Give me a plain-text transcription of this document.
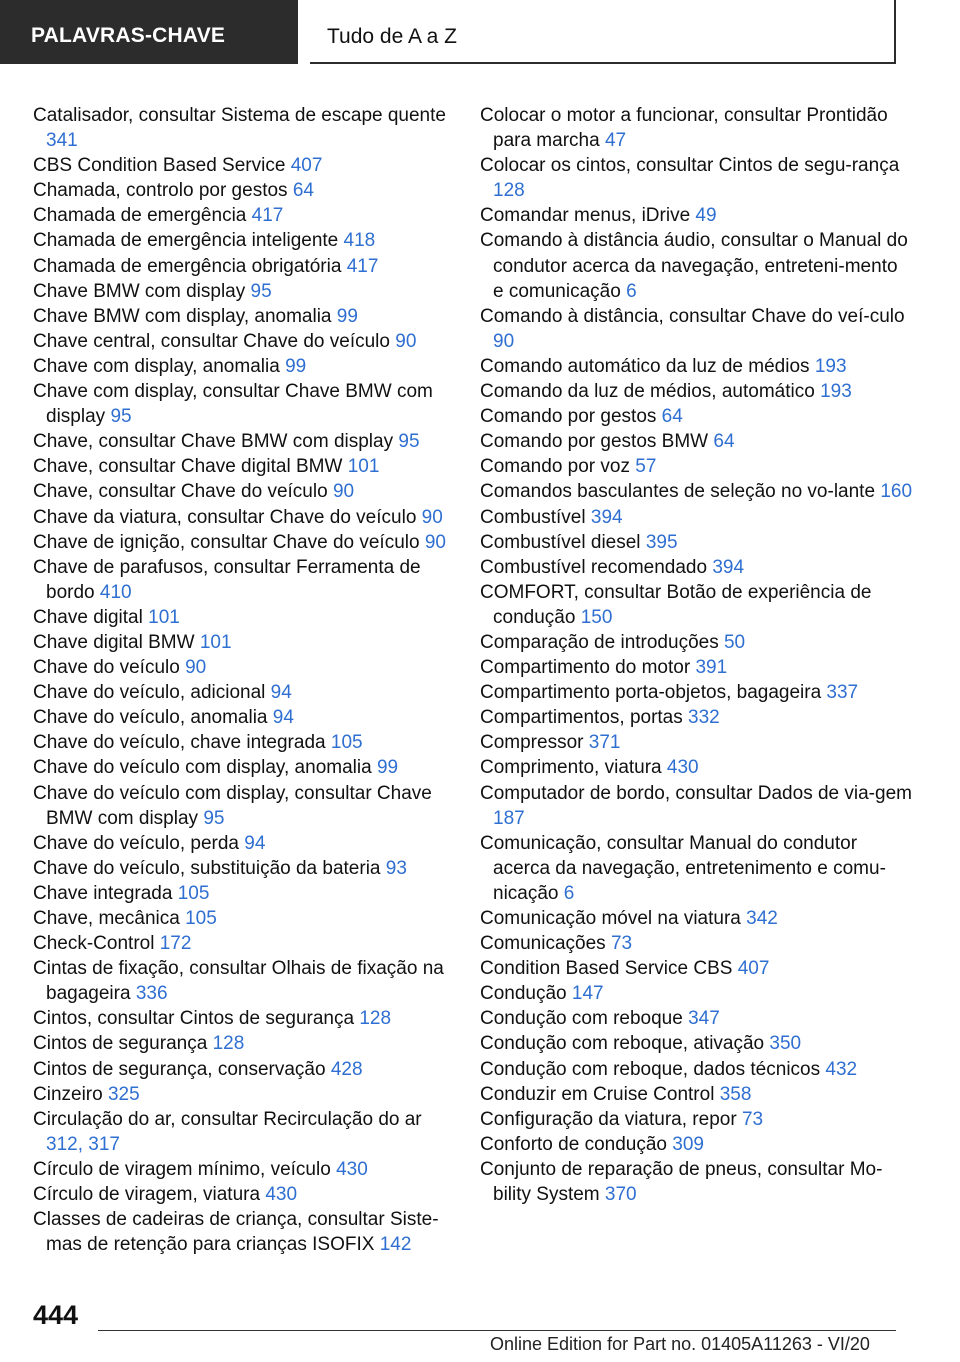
PALAVRAS-CHAVE	Tudo de A a Z
Catalisador, consultar Sistema de escape quente 341
CBS Condition Based Service 407
Chamada, controlo por gestos 64
Chamada de emergência 417
Chamada de emergência inteligente 418
Chamada de emergência obrigatória 417
Chave BMW com display 95
Chave BMW com display, anomalia 99
Chave central, consultar Chave do veículo 90
Chave com display, anomalia 99
Chave com display, consultar Chave BMW com display 95
Chave, consultar Chave BMW com display 95
Chave, consultar Chave digital BMW 101
Chave, consultar Chave do veículo 90
Chave da viatura, consultar Chave do veículo 90
Chave de ignição, consultar Chave do veículo 90
Chave de parafusos, consultar Ferramenta de bordo 410
Chave digital 101
Chave digital BMW 101
Chave do veículo 90
Chave do veículo, adicional 94
Chave do veículo, anomalia 94
Chave do veículo, chave integrada 105
Chave do veículo com display, anomalia 99
Chave do veículo com display, consultar Chave BMW com display 95
Chave do veículo, perda 94
Chave do veículo, substituição da bateria 93
Chave integrada 105
Chave, mecânica 105
Check-Control 172
Cintas de fixação, consultar Olhais de fixação na bagageira 336
Cintos, consultar Cintos de segurança 128
Cintos de segurança 128
Cintos de segurança, conservação 428
Cinzeiro 325
Circulação do ar, consultar Recirculação do ar 312, 317
Círculo de viragem mínimo, veículo 430
Círculo de viragem, viatura 430
Classes de cadeiras de criança, consultar Siste-mas de retenção para crianças ISOFIX 142
Colocar o motor a funcionar, consultar Prontidão para marcha 47
Colocar os cintos, consultar Cintos de segu-rança 128
Comandar menus, iDrive 49
Comando à distância áudio, consultar o Manual do condutor acerca da navegação, entreteni-mento e comunicação 6
Comando à distância, consultar Chave do veí-culo 90
Comando automático da luz de médios 193
Comando da luz de médios, automático 193
Comando por gestos 64
Comando por gestos BMW 64
Comando por voz 57
Comandos basculantes de seleção no vo-lante 160
Combustível 394
Combustível diesel 395
Combustível recomendado 394
COMFORT, consultar Botão de experiência de condução 150
Comparação de introduções 50
Compartimento do motor 391
Compartimento porta-objetos, bagageira 337
Compartimentos, portas 332
Compressor 371
Comprimento, viatura 430
Computador de bordo, consultar Dados de via-gem 187
Comunicação, consultar Manual do condutor acerca da navegação, entretenimento e comu-nicação 6
Comunicação móvel na viatura 342
Comunicações 73
Condition Based Service CBS 407
Condução 147
Condução com reboque 347
Condução com reboque, ativação 350
Condução com reboque, dados técnicos 432
Conduzir em Cruise Control 358
Configuração da viatura, repor 73
Conforto de condução 309
Conjunto de reparação de pneus, consultar Mo-bility System 370
444
Online Edition for Part no. 01405A11263 - VI/20
